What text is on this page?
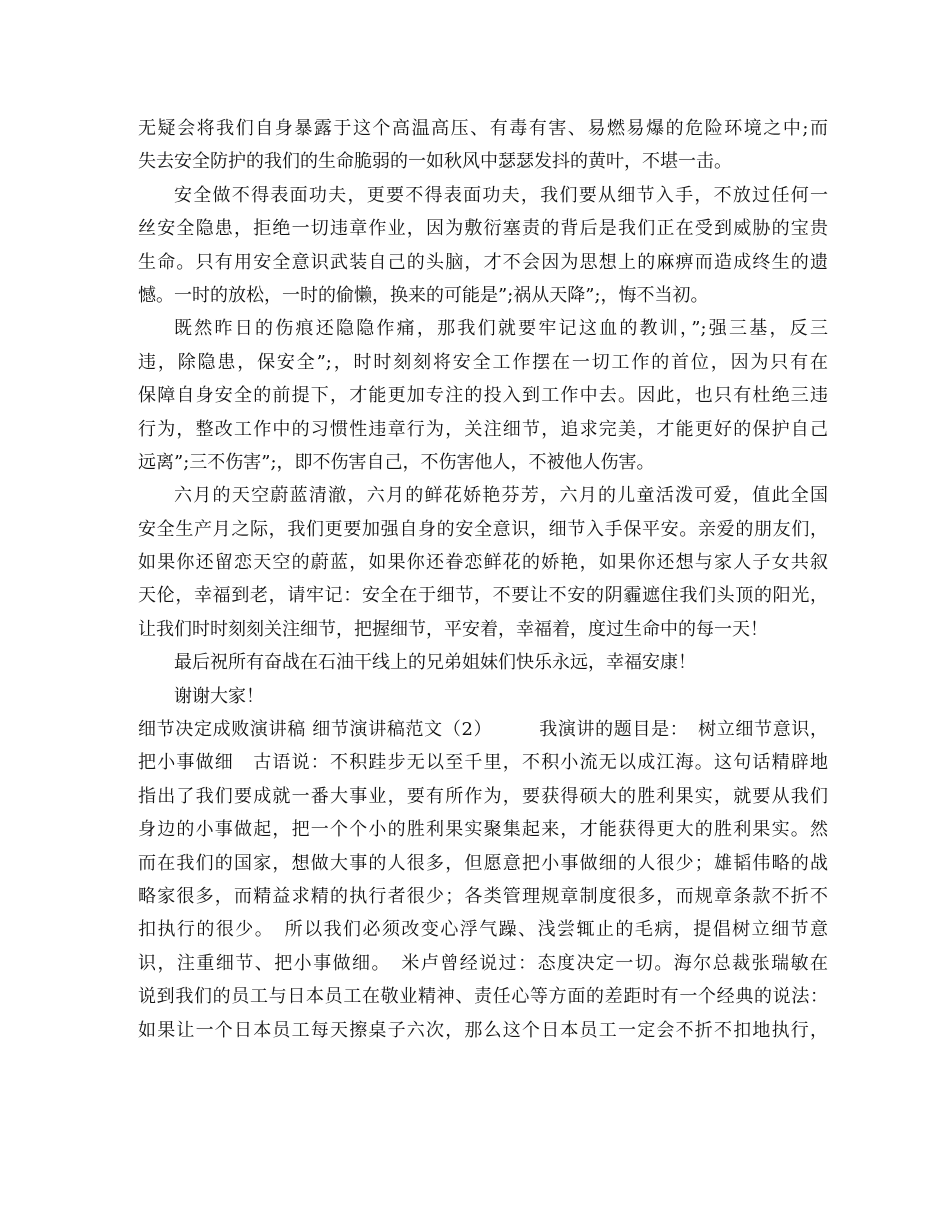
无疑会将我们自身暴露于这个高温高压、有毒有害、易燃易爆的危险环境之中;而
失去安全防护的我们的生命脆弱的一如秋风中瑟瑟发抖的黄叶，不堪一击。
安全做不得表面功夫，更要不得表面功夫，我们要从细节入手，不放过任何一
丝安全隐患，拒绝一切违章作业，因为敷衍塞责的背后是我们正在受到威胁的宝贵
生命。只有用安全意识武装自己的头脑，才不会因为思想上的麻痹而造成终生的遗
憾。一时的放松，一时的偷懒，换来的可能是”;祸从天降”;，悔不当初。
既然昨日的伤痕还隐隐作痛，那我们就要牢记这血的教训，”;强三基，反三
违，除隐患，保安全”;，时时刻刻将安全工作摆在一切工作的首位，因为只有在
保障自身安全的前提下，才能更加专注的投入到工作中去。因此，也只有杜绝三违
行为，整改工作中的习惯性违章行为，关注细节，追求完美，才能更好的保护自己
远离”;三不伤害”;，即不伤害自己，不伤害他人，不被他人伤害。
六月的天空蔚蓝清澈，六月的鲜花娇艳芬芳，六月的儿童活泼可爱，值此全国
安全生产月之际，我们更要加强自身的安全意识，细节入手保平安。亲爱的朋友们，
如果你还留恋天空的蔚蓝，如果你还眷恋鲜花的娇艳，如果你还想与家人子女共叙
天伦，幸福到老，请牢记：安全在于细节，不要让不安的阴霾遮住我们头顶的阳光，
让我们时时刻刻关注细节，把握细节，平安着，幸福着，度过生命中的每一天！
最后祝所有奋战在石油干线上的兄弟姐妹们快乐永远，幸福安康！
谢谢大家！
细节决定成败演讲稿 细节演讲稿范文（2）　　　我演讲的题目是：　树立细节意识，
把小事做细　古语说：不积跬步无以至千里，不积小流无以成江海。这句话精辟地
指出了我们要成就一番大事业，要有所作为，要获得硕大的胜利果实，就要从我们
身边的小事做起，把一个个小的胜利果实聚集起来，才能获得更大的胜利果实。然
而在我们的国家，想做大事的人很多，但愿意把小事做细的人很少；雄韬伟略的战
略家很多，而精益求精的执行者很少；各类管理规章制度很多，而规章条款不折不
扣执行的很少。　所以我们必须改变心浮气躁、浅尝辄止的毛病，提倡树立细节意
识，注重细节、把小事做细。　米卢曾经说过：态度决定一切。海尔总裁张瑞敏在
说到我们的员工与日本员工在敬业精神、责任心等方面的差距时有一个经典的说法：
如果让一个日本员工每天擦桌子六次，那么这个日本员工一定会不折不扣地执行，
